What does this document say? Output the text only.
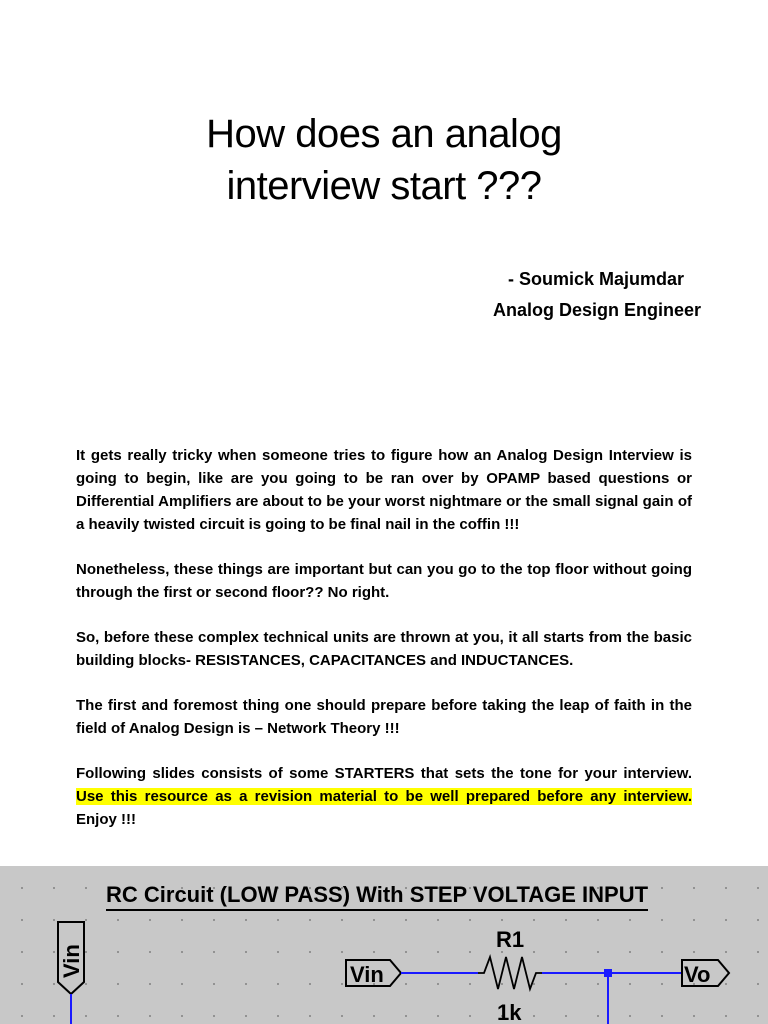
How does an analog
interview start ???
- Soumick Majumdar
Analog Design Engineer

It gets really tricky when someone tries to figure how an Analog Design Interview is going to begin, like are you going to be ran over by OPAMP based questions or Differential Amplifiers are about to be your worst nightmare or the small signal gain of a heavily twisted circuit is going to be final nail in the coffin !!!

Nonetheless, these things are important but can you go to the top floor without going through the first or second floor?? No right.

So, before these complex technical units are thrown at you, it all starts from the basic building blocks- RESISTANCES, CAPACITANCES and INDUCTANCES.

The first and foremost thing one should prepare before taking the leap of faith in the field of Analog Design is – Network Theory !!!

Following slides consists of some STARTERS that sets the tone for your interview. Use this resource as a revision material to be well prepared before any interview. Enjoy !!!

RC Circuit (LOW PASS) With STEP VOLTAGE INPUT
Vin	Vin
R1
1k
Vo
